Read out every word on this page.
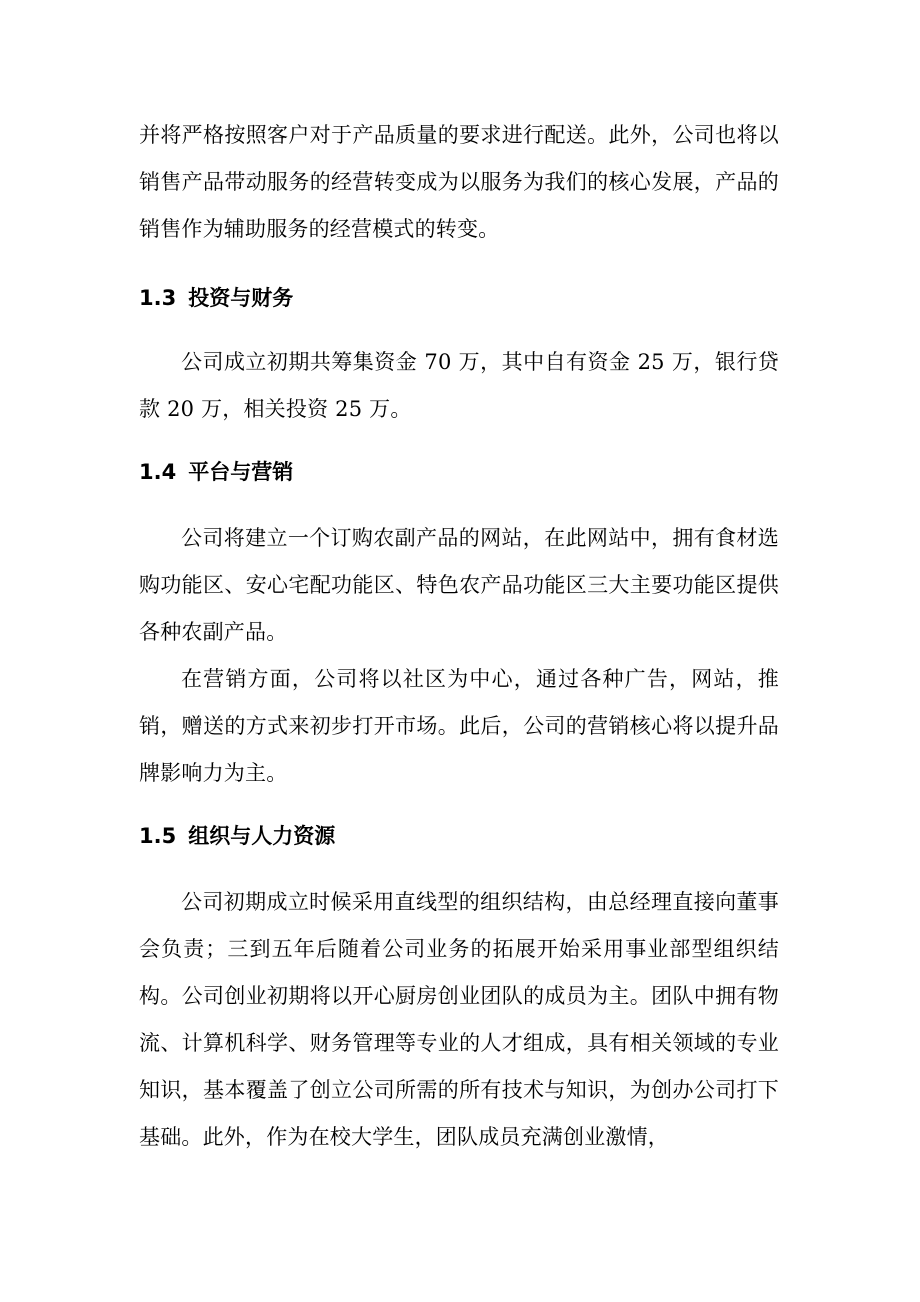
并将严格按照客户对于产品质量的要求进行配送。此外，公司也将以销售产品带动服务的经营转变成为以服务为我们的核心发展，产品的销售作为辅助服务的经营模式的转变。

1.3 投资与财务

公司成立初期共筹集资金 70 万，其中自有资金 25 万，银行贷款 20 万，相关投资 25 万。

1.4 平台与营销

公司将建立一个订购农副产品的网站，在此网站中，拥有食材选购功能区、安心宅配功能区、特色农产品功能区三大主要功能区提供各种农副产品。

在营销方面，公司将以社区为中心，通过各种广告，网站，推销，赠送的方式来初步打开市场。此后，公司的营销核心将以提升品牌影响力为主。

1.5 组织与人力资源

公司初期成立时候采用直线型的组织结构，由总经理直接向董事会负责；三到五年后随着公司业务的拓展开始采用事业部型组织结构。公司创业初期将以开心厨房创业团队的成员为主。团队中拥有物流、计算机科学、财务管理等专业的人才组成，具有相关领域的专业知识，基本覆盖了创立公司所需的所有技术与知识，为创办公司打下基础。此外，作为在校大学生，团队成员充满创业激情，
